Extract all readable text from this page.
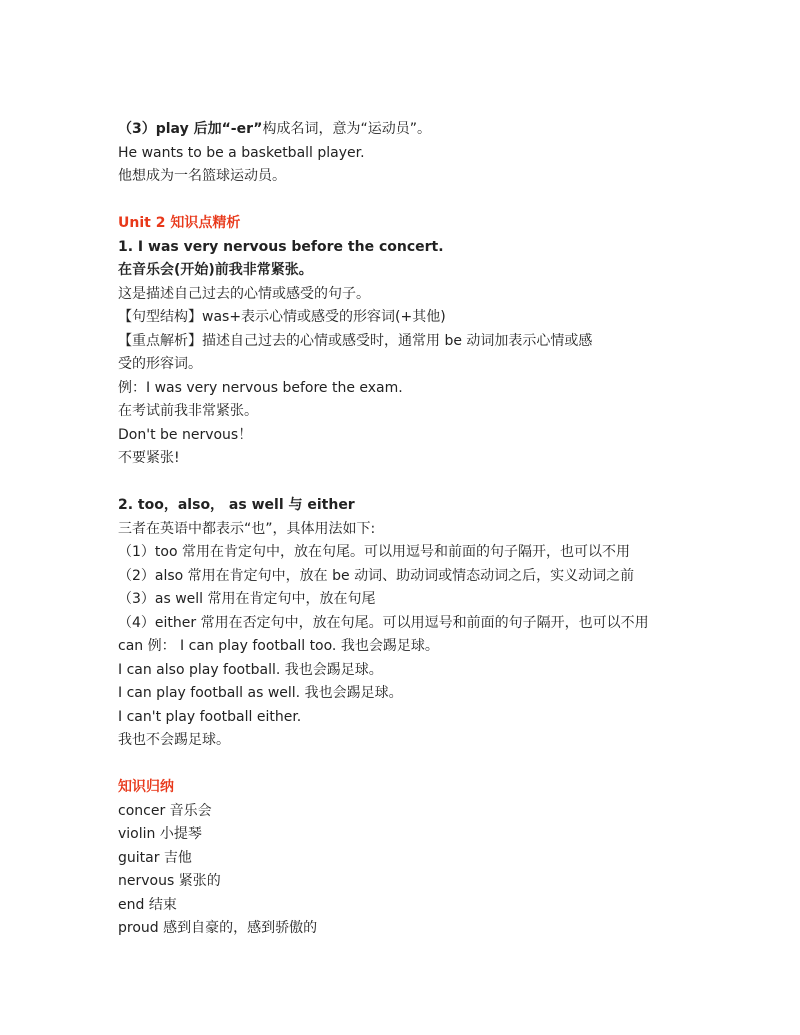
（3）play 后加“-er”构成名词，意为“运动员”。
He wants to be a basketball player.
他想成为一名篮球运动员。
Unit 2 知识点精析
1. I was very nervous before the concert.
在音乐会(开始)前我非常紧张。
这是描述自己过去的心情或感受的句子。
【句型结构】was+表示心情或感受的形容词(+其他)
【重点解析】描述自己过去的心情或感受时，通常用 be 动词加表示心情或感
受的形容词。
例：I was very nervous before the exam.
在考试前我非常紧张。
Don't be nervous！
不要紧张!
2. too，also， as well 与 either
三者在英语中都表示“也”，具体用法如下:
（1）too 常用在肯定句中，放在句尾。可以用逗号和前面的句子隔开，也可以不用
（2）also 常用在肯定句中，放在 be 动词、助动词或情态动词之后，实义动词之前
（3）as well 常用在肯定句中，放在句尾
（4）either 常用在否定句中，放在句尾。可以用逗号和前面的句子隔开，也可以不用
can 例： I can play football too. 我也会踢足球。
I can also play football. 我也会踢足球。
I can play football as well. 我也会踢足球。
I can't play football either.
我也不会踢足球。
知识归纳
concer 音乐会
violin 小提琴
guitar 吉他
nervous 紧张的
end 结束
proud 感到自豪的，感到骄傲的
